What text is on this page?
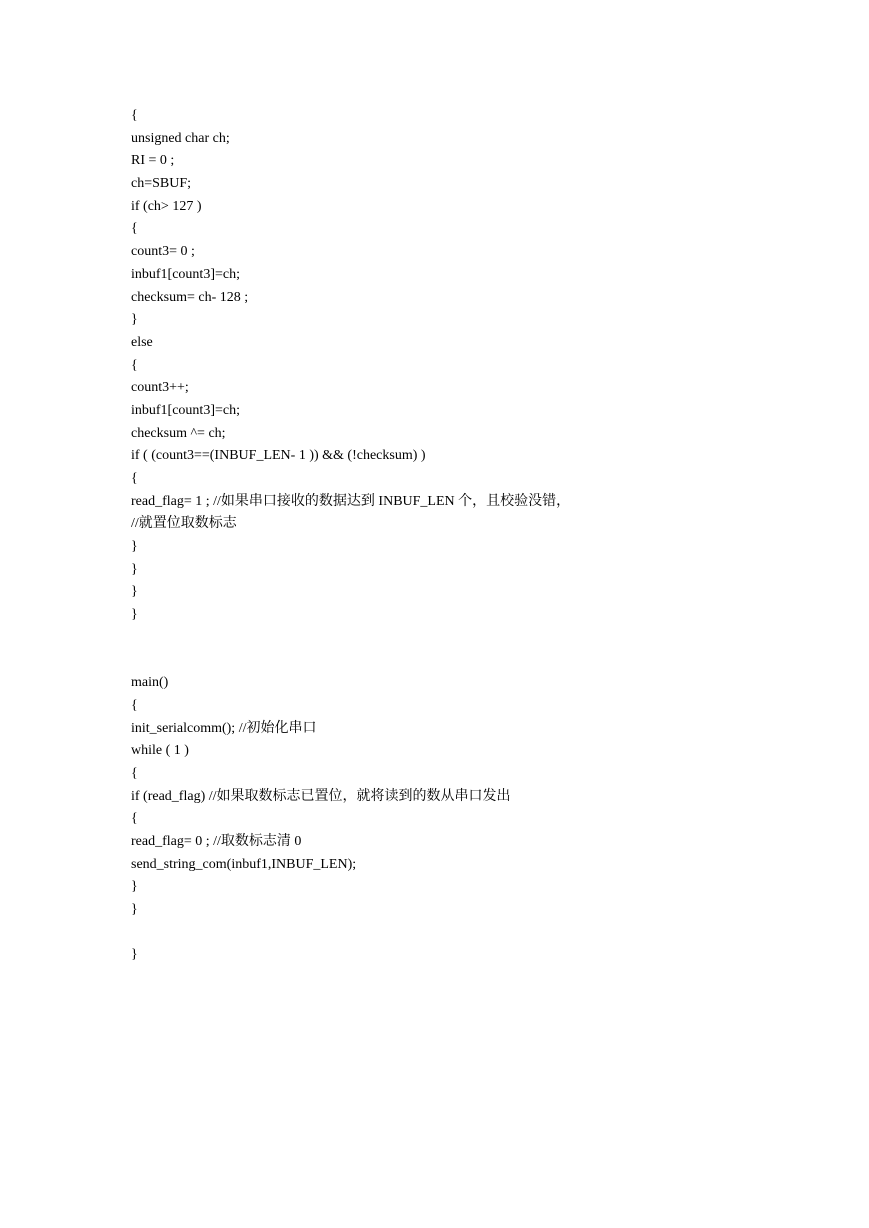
{
unsigned char ch;
RI = 0 ;
ch=SBUF;
if (ch> 127 )
{
count3= 0 ;
inbuf1[count3]=ch;
checksum= ch- 128 ;
}
else
{
count3++;
inbuf1[count3]=ch;
checksum ^= ch;
if ( (count3==(INBUF_LEN- 1 )) && (!checksum) )
{
read_flag= 1 ; //如果串口接收的数据达到 INBUF_LEN 个，且校验没错，
//就置位取数标志
}
}
}
}
main()
{
init_serialcomm(); //初始化串口
while ( 1 )
{
if (read_flag) //如果取数标志已置位，就将读到的数从串口发出
{
read_flag= 0 ; //取数标志清 0
send_string_com(inbuf1,INBUF_LEN);
}
}
}
